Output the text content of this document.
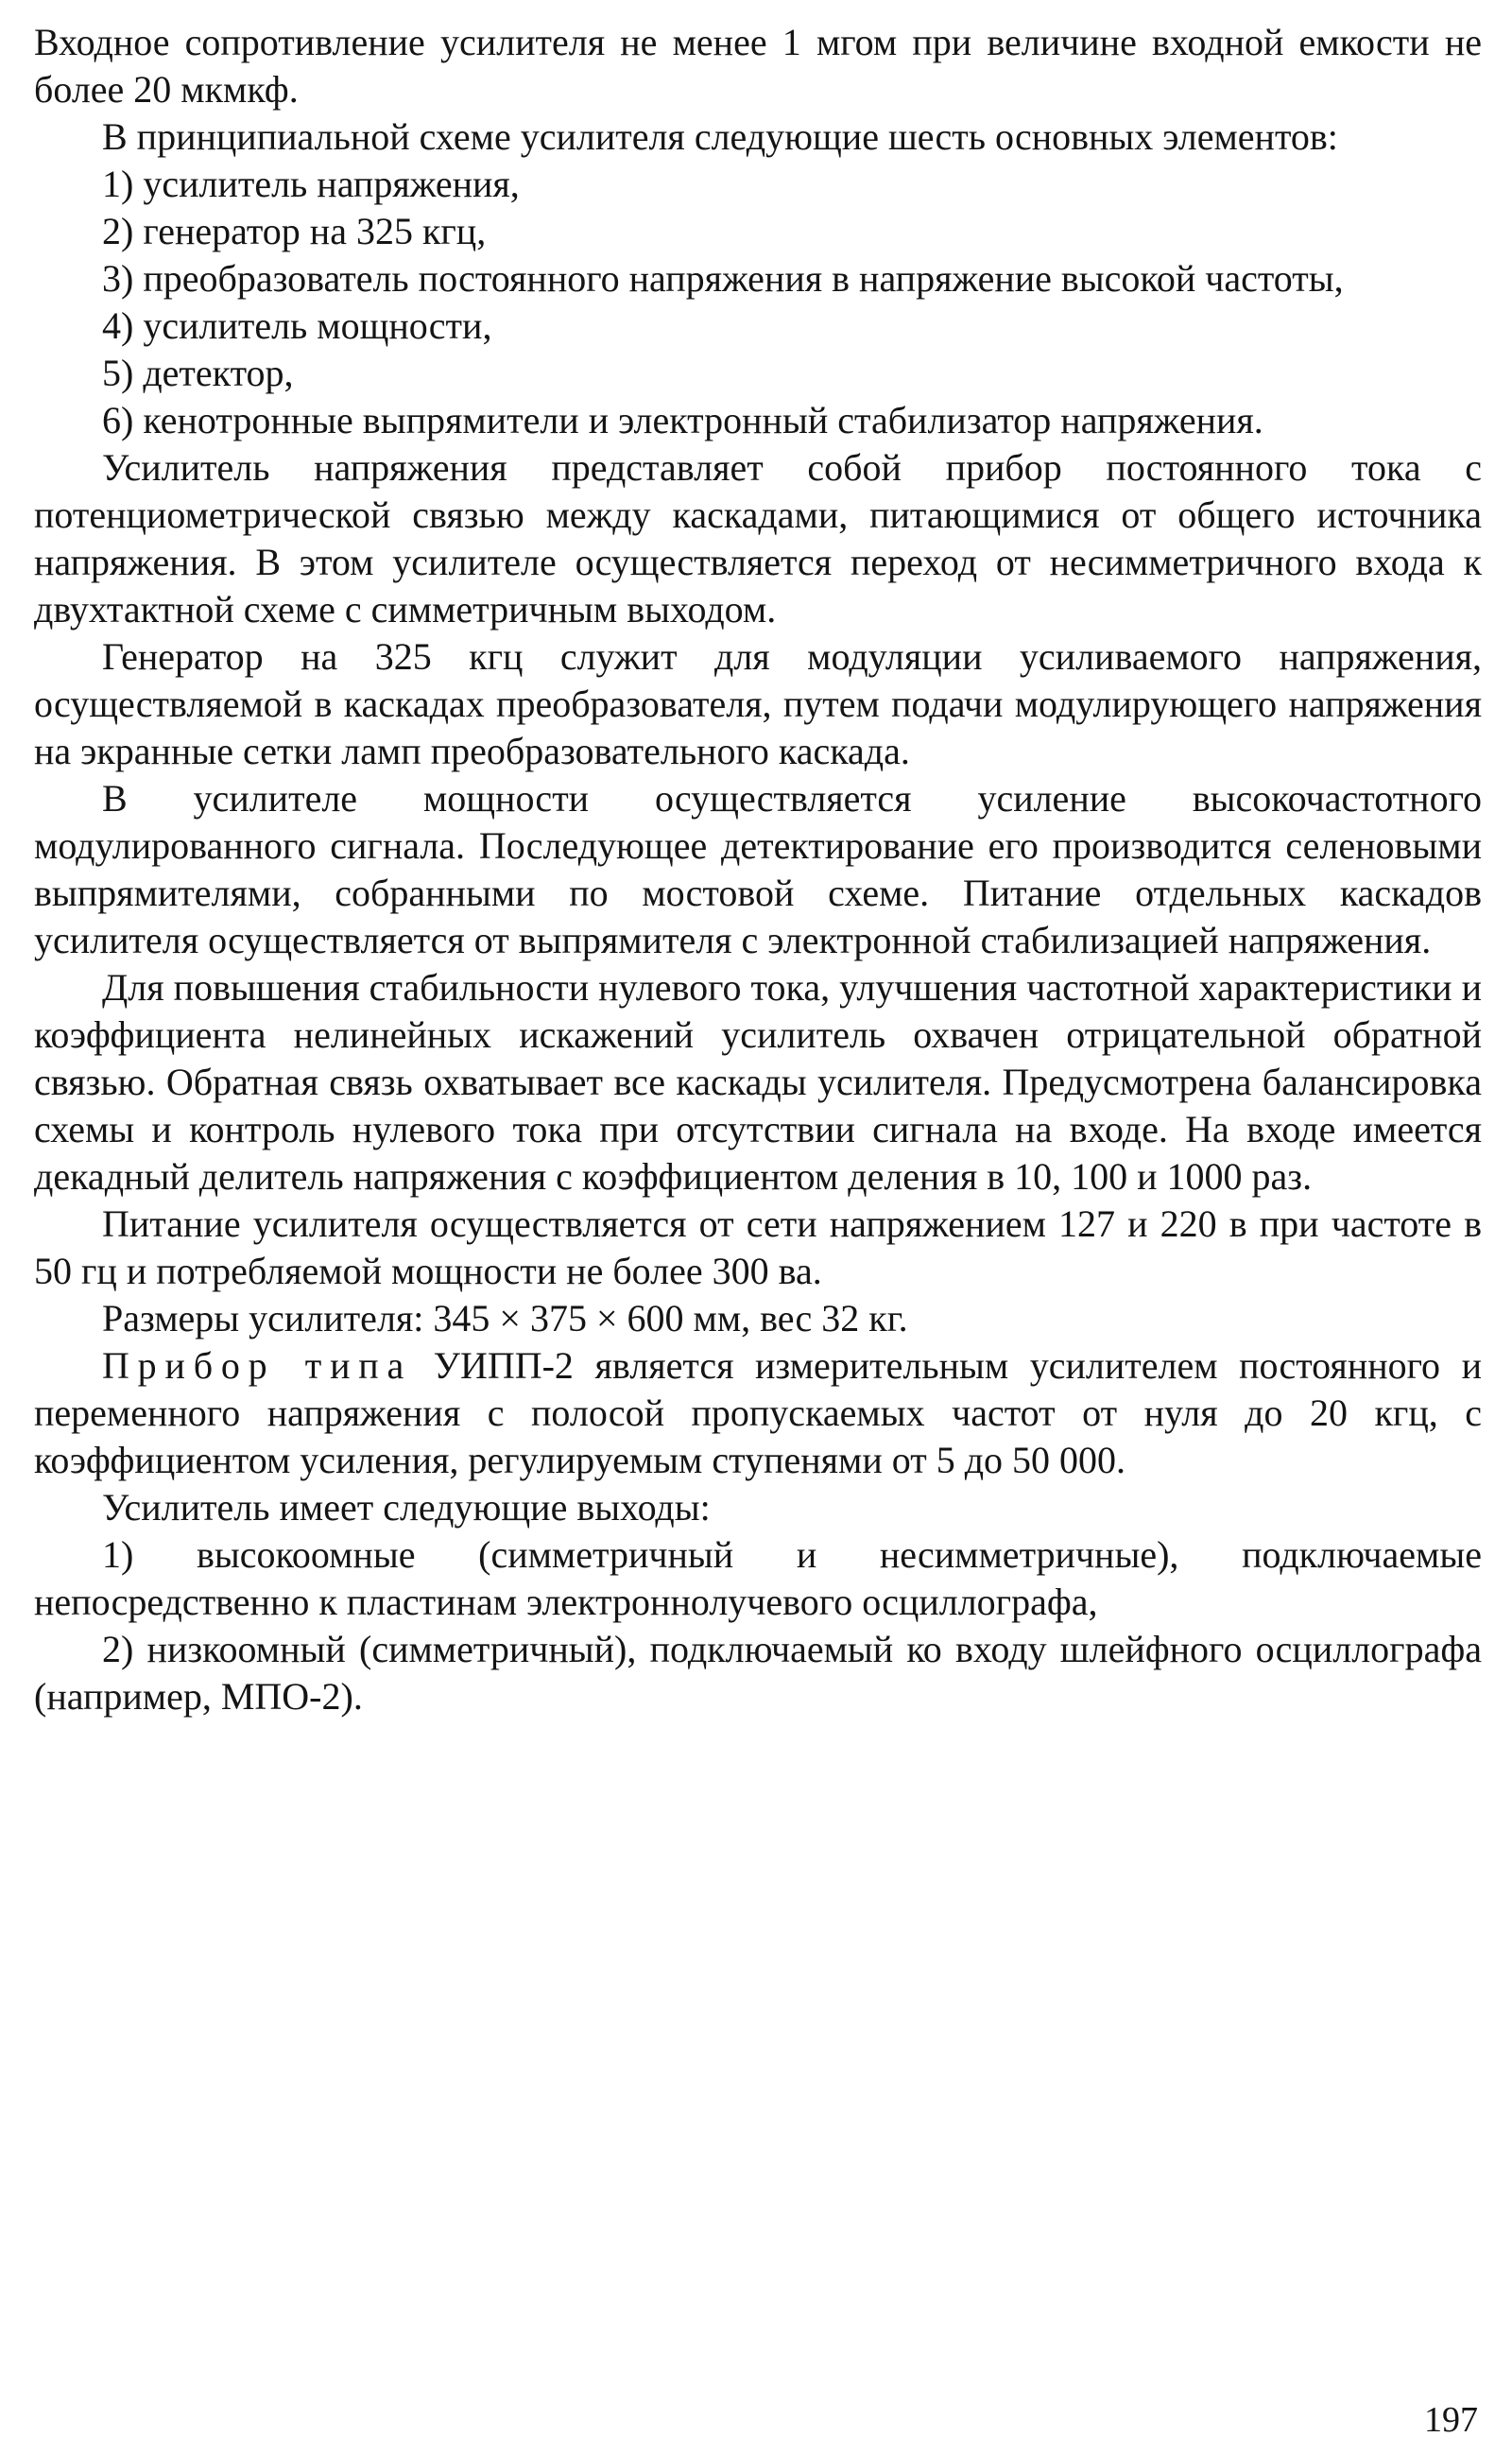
Входное сопротивление усилителя не менее 1 мгом при величине входной емкости не более 20 мкмкф.

В принципиальной схеме усилителя следующие шесть основных элементов:

1) усилитель напряжения,

2) генератор на 325 кгц,

3) преобразователь постоянного напряжения в напряжение высокой частоты,

4) усилитель мощности,

5) детектор,

6) кенотронные выпрямители и электронный стабилизатор напряжения.

Усилитель напряжения представляет собой прибор постоянного тока с потенциометрической связью между каскадами, питающимися от общего источника напряжения. В этом усилителе осуществляется переход от несимметричного входа к двухтактной схеме с симметричным выходом.

Генератор на 325 кгц служит для модуляции усиливаемого напряжения, осуществляемой в каскадах преобразователя, путем подачи модулирующего напряжения на экранные сетки ламп преобразовательного каскада.

В усилителе мощности осуществляется усиление высокочастотного модулированного сигнала. Последующее детектирование его производится селеновыми выпрямителями, собранными по мостовой схеме. Питание отдельных каскадов усилителя осуществляется от выпрямителя с электронной стабилизацией напряжения.

Для повышения стабильности нулевого тока, улучшения частотной характеристики и коэффициента нелинейных искажений усилитель охвачен отрицательной обратной связью. Обратная связь охватывает все каскады усилителя. Предусмотрена балансировка схемы и контроль нулевого тока при отсутствии сигнала на входе. На входе имеется декадный делитель напряжения с коэффициентом деления в 10, 100 и 1000 раз.

Питание усилителя осуществляется от сети напряжением 127 и 220 в при частоте в 50 гц и потребляемой мощности не более 300 ва.

Размеры усилителя: 345 × 375 × 600 мм, вес 32 кг.

Прибор типа УИПП-2 является измерительным усилителем постоянного и переменного напряжения с полосой пропускаемых частот от нуля до 20 кгц, с коэффициентом усиления, регулируемым ступенями от 5 до 50 000.

Усилитель имеет следующие выходы:

1) высокоомные (симметричный и несимметричные), подключаемые непосредственно к пластинам электроннолучевого осциллографа,

2) низкоомный (симметричный), подключаемый ко входу шлейфного осциллографа (например, МПО-2).

197
